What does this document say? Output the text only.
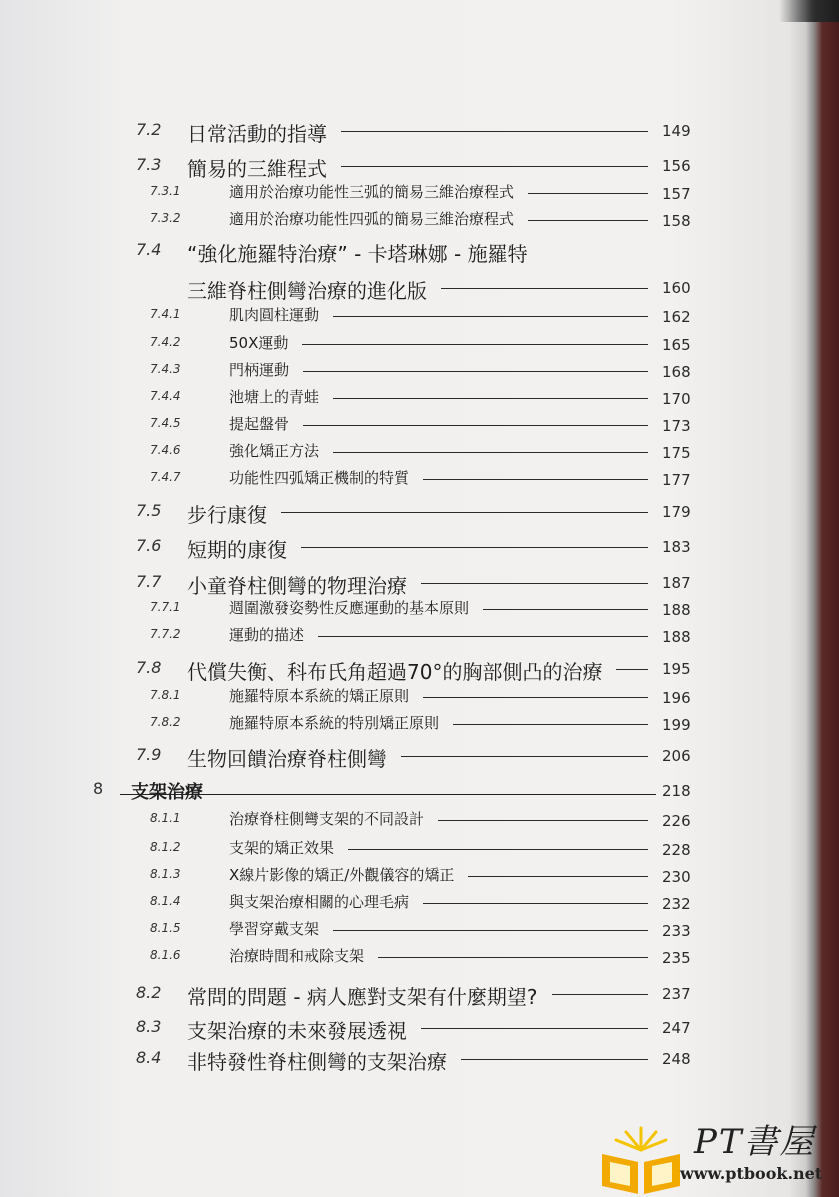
7.2 日常活動的指導	149
7.3 簡易的三維程式	156
7.3.1	適用於治療功能性三弧的簡易三維治療程式	157
7.3.2	適用於治療功能性四弧的簡易三維治療程式	158
7.4 “強化施羅特治療” - 卡塔琳娜 - 施羅特
三維脊柱側彎治療的進化版	160
7.4.1	肌肉圓柱運動	162
7.4.2	50X運動	165
7.4.3	門柄運動	168
7.4.4	池塘上的青蛙	170
7.4.5	提起盤骨	173
7.4.6	強化矯正方法	175
7.4.7	功能性四弧矯正機制的特質	177
7.5 步行康復	179
7.6 短期的康復	183
7.7 小童脊柱側彎的物理治療	187
7.7.1	週圍激發姿勢性反應運動的基本原則	188
7.7.2	運動的描述	188
7.8 代償失衡、科布氏角超過70°的胸部側凸的治療	195
7.8.1	施羅特原本系統的矯正原則	196
7.8.2	施羅特原本系統的特別矯正原則	199
7.9 生物回饋治療脊柱側彎	206
8 支架治療	218
8.1.1	治療脊柱側彎支架的不同設計	226
8.1.2	支架的矯正效果	228
8.1.3	X線片影像的矯正/外觀儀容的矯正	230
8.1.4	與支架治療相關的心理毛病	232
8.1.5	學習穿戴支架	233
8.1.6	治療時間和戒除支架	235
8.2 常問的問題 - 病人應對支架有什麼期望?	237
8.3 支架治療的未來發展透視	247
8.4 非特發性脊柱側彎的支架治療	248
PT書屋
www.ptbook.net
